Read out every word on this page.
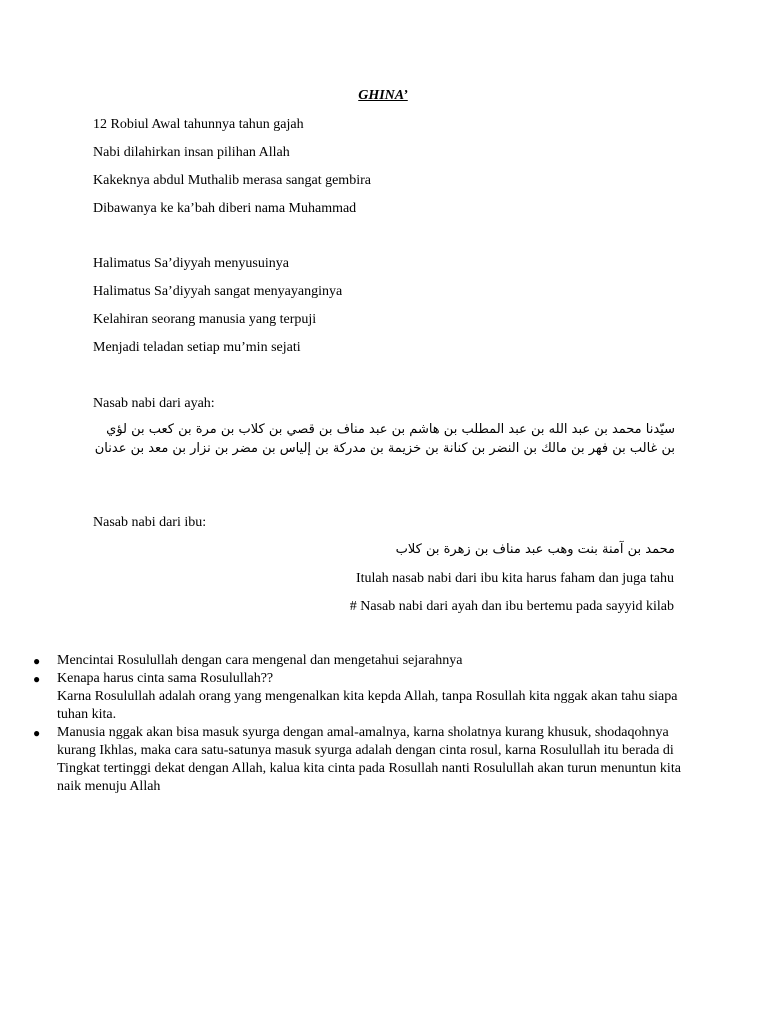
GHINA’
12 Robiul Awal tahunnya tahun gajah
Nabi dilahirkan insan pilihan Allah
Kakeknya abdul Muthalib merasa sangat gembira
Dibawanya ke ka’bah diberi nama Muhammad
Halimatus Sa’diyyah menyusuinya
Halimatus Sa’diyyah sangat menyayanginya
Kelahiran seorang manusia yang terpuji
Menjadi teladan setiap mu’min sejati
Nasab nabi dari ayah:
سيّدنا محمد بن عبد الله بن عبد المطلب بن هاشم بن عبد مناف بن قصي بن كلاب بن مرة بن كعب بن لؤي بن غالب بن فهر بن مالك بن النضر بن كنانة بن خزيمة بن مدركة بن إلياس بن مضر بن نزار بن معد بن عدنان
Nasab nabi dari ibu:
محمد بن آمنة بنت وهب عبد مناف بن زهرة بن كلاب
Itulah nasab nabi dari ibu kita harus faham dan juga tahu
# Nasab nabi dari ayah dan ibu bertemu pada sayyid kilab
● Mencintai Rosulullah dengan cara mengenal dan mengetahui sejarahnya
● Kenapa harus cinta sama Rosulullah??
Karna Rosulullah adalah orang yang mengenalkan kita kepda Allah, tanpa Rosullah kita nggak akan tahu siapa tuhan kita.
● Manusia nggak akan bisa masuk syurga dengan amal-amalnya, karna sholatnya kurang khusuk, shodaqohnya kurang Ikhlas, maka cara satu-satunya masuk syurga adalah dengan cinta rosul, karna Rosulullah itu berada di Tingkat tertinggi dekat dengan Allah, kalua kita cinta pada Rosullah nanti Rosulullah akan turun menuntun kita naik menuju Allah
